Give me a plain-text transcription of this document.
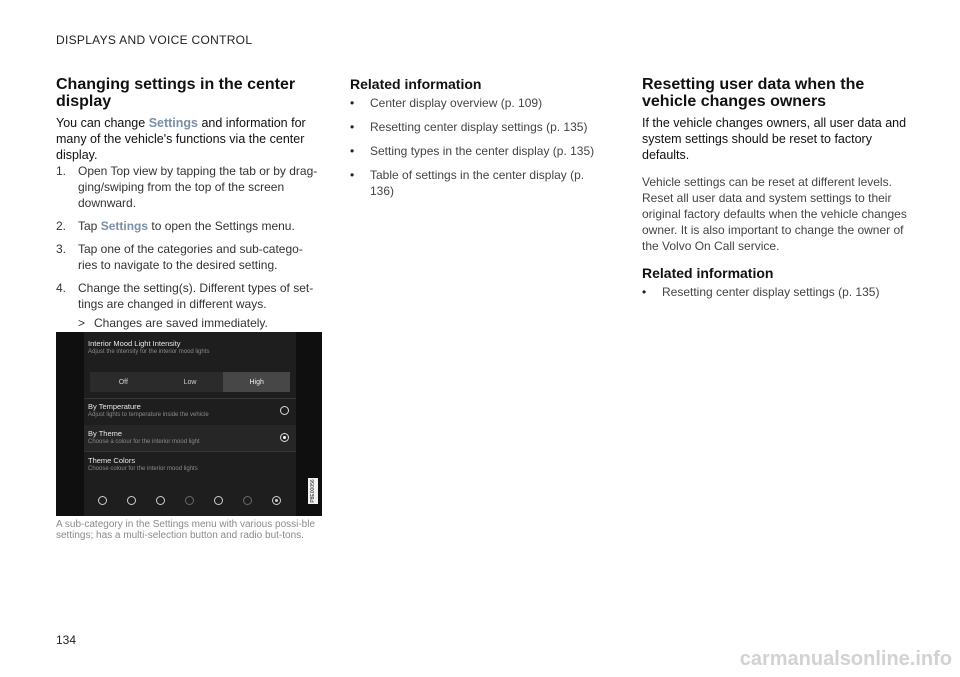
DISPLAYS AND VOICE CONTROL
Changing settings in the center display

You can change Settings and information for many of the vehicle's functions via the center display.

1. Open Top view by tapping the tab or by drag-ging/swiping from the top of the screen downward.
2. Tap Settings to open the Settings menu.
3. Tap one of the categories and sub-catego-ries to navigate to the desired setting.
4. Change the setting(s). Different types of set-tings are changed in different ways.
> Changes are saved immediately.
Interior Mood Light Intensity
Adjust the intensity for the interior mood lights
Off	Low	High
By Temperature
Adjust lights to temperature inside the vehicle
By Theme
Choose a colour for the interior mood light
Theme Colors
Choose colour for the interior mood lights
P8E00056
A sub-category in the Settings menu with various possi-ble settings; has a multi-selection button and radio but-tons.
Related information
• Center display overview (p. 109)
• Resetting center display settings (p. 135)
• Setting types in the center display (p. 135)
• Table of settings in the center display (p. 136)
Resetting user data when the vehicle changes owners

If the vehicle changes owners, all user data and system settings should be reset to factory defaults.

Vehicle settings can be reset at different levels. Reset all user data and system settings to their original factory defaults when the vehicle changes owner. It is also important to change the owner of the Volvo On Call service.

Related information
• Resetting center display settings (p. 135)
134
carmanualsonline.info
